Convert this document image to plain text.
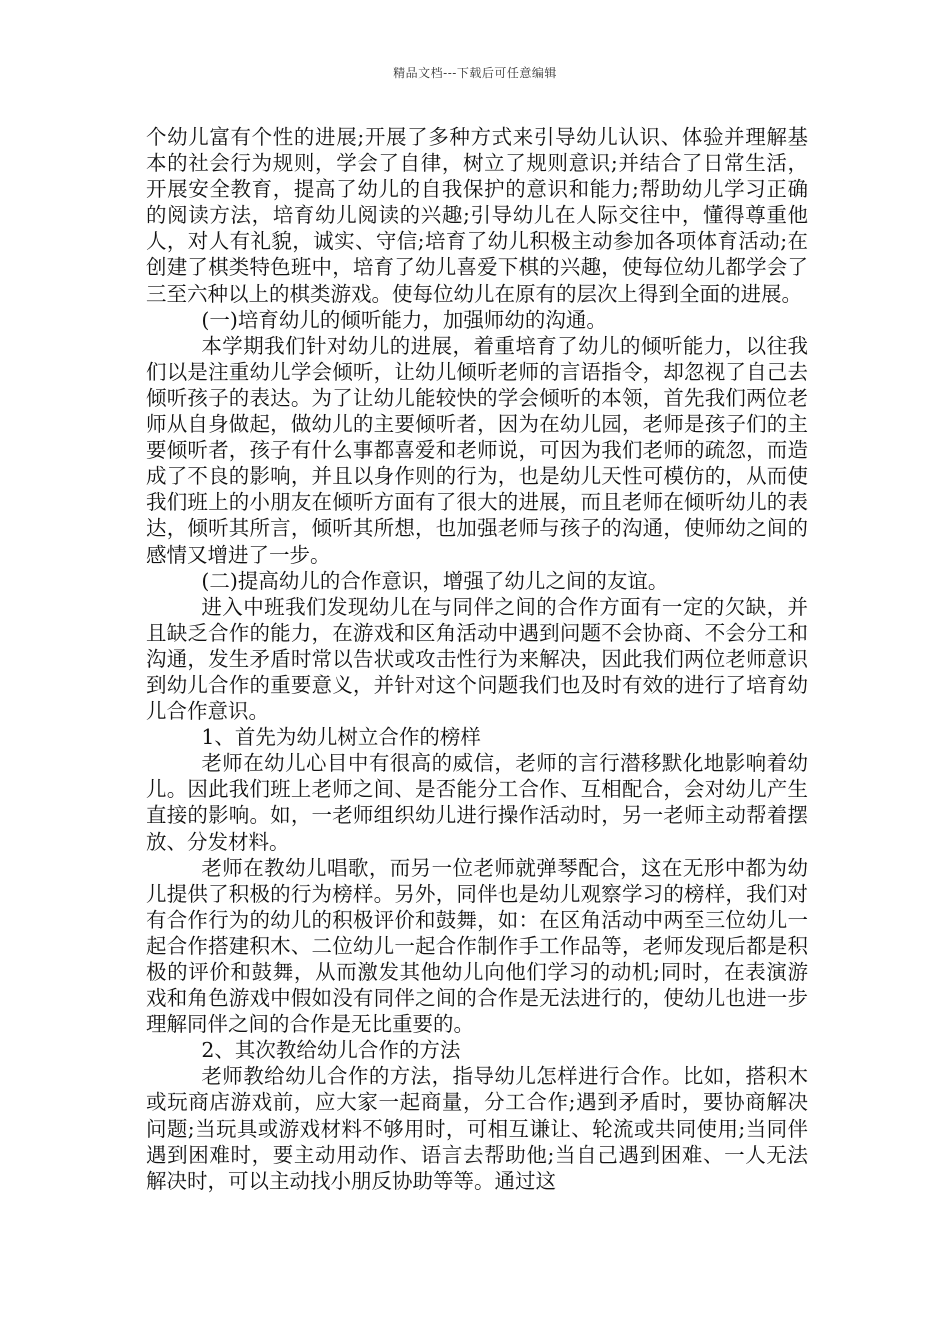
精品文档---下载后可任意编辑

个幼儿富有个性的进展;开展了多种方式来引导幼儿认识、体验并理解基本的社会行为规则，学会了自律，树立了规则意识;并结合了日常生活，开展安全教育，提高了幼儿的自我保护的意识和能力;帮助幼儿学习正确的阅读方法，培育幼儿阅读的兴趣;引导幼儿在人际交往中，懂得尊重他人，对人有礼貌，诚实、守信;培育了幼儿积极主动参加各项体育活动;在创建了棋类特色班中，培育了幼儿喜爱下棋的兴趣，使每位幼儿都学会了三至六种以上的棋类游戏。使每位幼儿在原有的层次上得到全面的进展。

(一)培育幼儿的倾听能力，加强师幼的沟通。

本学期我们针对幼儿的进展，着重培育了幼儿的倾听能力，以往我们以是注重幼儿学会倾听，让幼儿倾听老师的言语指令，却忽视了自己去倾听孩子的表达。为了让幼儿能较快的学会倾听的本领，首先我们两位老师从自身做起，做幼儿的主要倾听者，因为在幼儿园，老师是孩子们的主要倾听者，孩子有什么事都喜爱和老师说，可因为我们老师的疏忽，而造成了不良的影响，并且以身作则的行为，也是幼儿天性可模仿的，从而使我们班上的小朋友在倾听方面有了很大的进展，而且老师在倾听幼儿的表达，倾听其所言，倾听其所想，也加强老师与孩子的沟通，使师幼之间的感情又增进了一步。

(二)提高幼儿的合作意识，增强了幼儿之间的友谊。

进入中班我们发现幼儿在与同伴之间的合作方面有一定的欠缺，并且缺乏合作的能力，在游戏和区角活动中遇到问题不会协商、不会分工和沟通，发生矛盾时常以告状或攻击性行为来解决，因此我们两位老师意识到幼儿合作的重要意义，并针对这个问题我们也及时有效的进行了培育幼儿合作意识。

1、首先为幼儿树立合作的榜样

老师在幼儿心目中有很高的威信，老师的言行潜移默化地影响着幼儿。因此我们班上老师之间、是否能分工合作、互相配合，会对幼儿产生直接的影响。如，一老师组织幼儿进行操作活动时，另一老师主动帮着摆放、分发材料。

老师在教幼儿唱歌，而另一位老师就弹琴配合，这在无形中都为幼儿提供了积极的行为榜样。另外，同伴也是幼儿观察学习的榜样，我们对有合作行为的幼儿的积极评价和鼓舞，如：在区角活动中两至三位幼儿一起合作搭建积木、二位幼儿一起合作制作手工作品等，老师发现后都是积极的评价和鼓舞，从而激发其他幼儿向他们学习的动机;同时，在表演游戏和角色游戏中假如没有同伴之间的合作是无法进行的，使幼儿也进一步理解同伴之间的合作是无比重要的。

2、其次教给幼儿合作的方法

老师教给幼儿合作的方法，指导幼儿怎样进行合作。比如，搭积木或玩商店游戏前，应大家一起商量，分工合作;遇到矛盾时，要协商解决问题;当玩具或游戏材料不够用时，可相互谦让、轮流或共同使用;当同伴遇到困难时，要主动用动作、语言去帮助他;当自己遇到困难、一人无法解决时，可以主动找小朋反协助等等。通过这
